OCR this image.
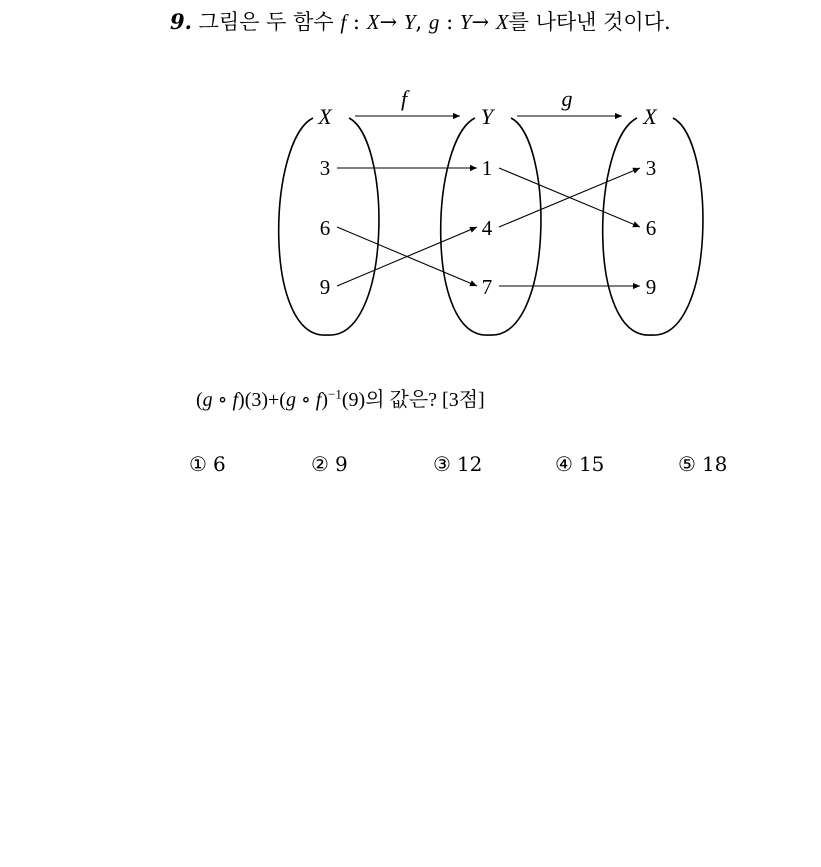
9. 그림은 두 함수 f : X→ Y, g : Y→ X를 나타낸 것이다.
X	Y	X
f	g
3
6
9
1
4
7
3
6
9
(g ∘ f)(3)+(g ∘ f)$^{-1}$(9)의 값은? [3점]
① 6	② 9	③ 12	④ 15	⑤ 18
